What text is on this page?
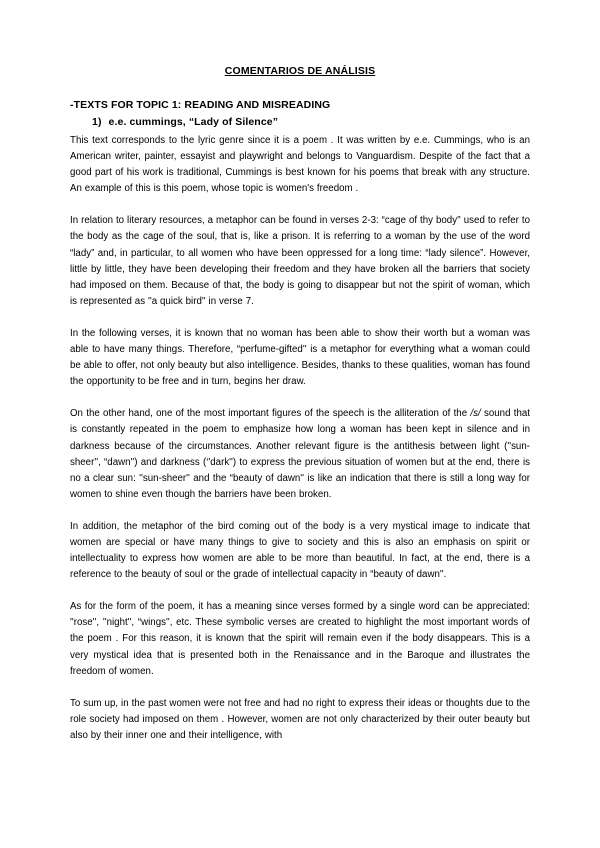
COMENTARIOS DE ANÁLISIS
-TEXTS FOR TOPIC 1: READING AND MISREADING
1) e.e. cummings, “Lady of Silence”

This text corresponds to the lyric genre since it is a poem . It was written by e.e. Cummings, who is an American writer, painter, essayist and playwright and belongs to Vanguardism. Despite of the fact that a good part of his work is traditional, Cummings is best known for his poems that break with any structure. An example of this is this poem, whose topic is women's freedom .

In relation to literary resources, a metaphor can be found in verses 2-3: “cage of thy body'' used to refer to the body as the cage of the soul, that is, like a prison. It is referring to a woman by the use of the word “lady” and, in particular, to all women who have been oppressed for a long time: “lady silence”. However, little by little, they have been developing their freedom and they have broken all the barriers that society had imposed on them. Because of that, the body is going to disappear but not the spirit of woman, which is represented as ''a quick bird'' in verse 7.

In the following verses, it is known that no woman has been able to show their worth but a woman was able to have many things. Therefore, “perfume-gifted'' is a metaphor for everything what a woman could be able to offer, not only beauty but also intelligence. Besides, thanks to these qualities, woman has found the opportunity to be free and in turn, begins her draw.

On the other hand, one of the most important figures of the speech is the alliteration of the /s/ sound that is constantly repeated in the poem to emphasize how long a woman has been kept in silence and in darkness because of the circumstances. Another relevant figure is the antithesis between light (''sun-sheer'', “dawn'') and darkness (‘'dark'') to express the previous situation of women but at the end, there is no a clear sun: ''sun-sheer'' and the “beauty of dawn'' is like an indication that there is still a long way for women to shine even though the barriers have been broken.

In addition, the metaphor of the bird coming out of the body is a very mystical image to indicate that women are special or have many things to give to society and this is also an emphasis on spirit or intellectuality to express how women are able to be more than beautiful. In fact, at the end, there is a reference to the beauty of soul or the grade of intellectual capacity in “beauty of dawn''.

As for the form of the poem, it has a meaning since verses formed by a single word can be appreciated: ''rose'', ''night'', “wings'', etc. These symbolic verses are created to highlight the most important words of the poem . For this reason, it is known that the spirit will remain even if the body disappears. This is a very mystical idea that is presented both in the Renaissance and in the Baroque and illustrates the freedom of women.

To sum up, in the past women were not free and had no right to express their ideas or thoughts due to the role society had imposed on them . However, women are not only characterized by their outer beauty but also by their inner one and their intelligence, with
